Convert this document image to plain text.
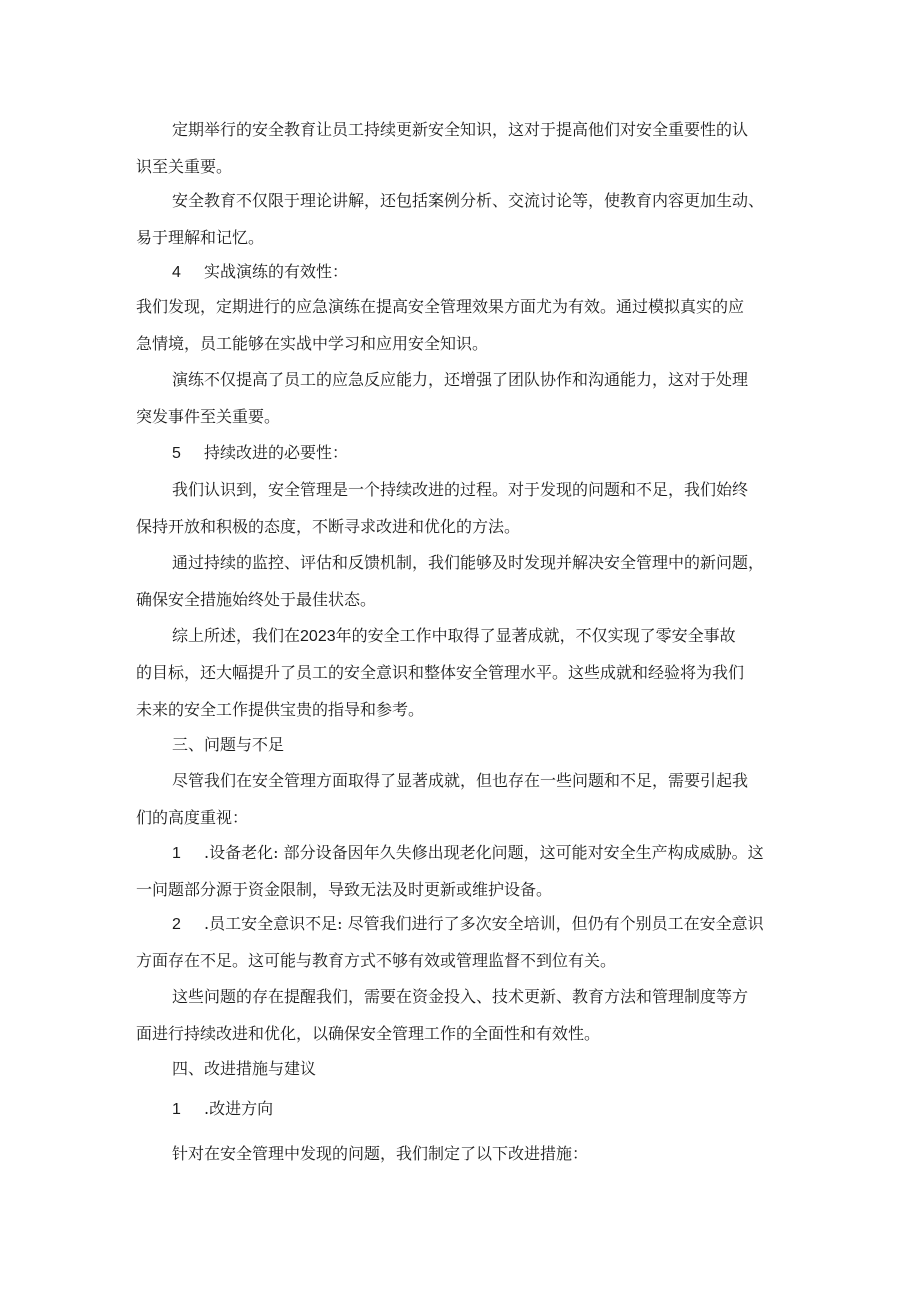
定期举行的安全教育让员工持续更新安全知识，这对于提高他们对安全重要性的认
识至关重要。
安全教育不仅限于理论讲解，还包括案例分析、交流讨论等，使教育内容更加生动、
易于理解和记忆。
4 实战演练的有效性：
我们发现，定期进行的应急演练在提高安全管理效果方面尤为有效。通过模拟真实的应
急情境，员工能够在实战中学习和应用安全知识。
演练不仅提高了员工的应急反应能力，还增强了团队协作和沟通能力，这对于处理
突发事件至关重要。
5 持续改进的必要性：
我们认识到，安全管理是一个持续改进的过程。对于发现的问题和不足，我们始终
保持开放和积极的态度，不断寻求改进和优化的方法。
通过持续的监控、评估和反馈机制，我们能够及时发现并解决安全管理中的新问题，
确保安全措施始终处于最佳状态。
综上所述，我们在2023年的安全工作中取得了显著成就，不仅实现了零安全事故
的目标，还大幅提升了员工的安全意识和整体安全管理水平。这些成就和经验将为我们
未来的安全工作提供宝贵的指导和参考。
三、问题与不足
尽管我们在安全管理方面取得了显著成就，但也存在一些问题和不足，需要引起我
们的高度重视：
1 .设备老化: 部分设备因年久失修出现老化问题，这可能对安全生产构成威胁。这
一问题部分源于资金限制，导致无法及时更新或维护设备。
2 .员工安全意识不足: 尽管我们进行了多次安全培训，但仍有个别员工在安全意识
方面存在不足。这可能与教育方式不够有效或管理监督不到位有关。
这些问题的存在提醒我们，需要在资金投入、技术更新、教育方法和管理制度等方
面进行持续改进和优化，以确保安全管理工作的全面性和有效性。
四、改进措施与建议
1 .改进方向
针对在安全管理中发现的问题，我们制定了以下改进措施：
